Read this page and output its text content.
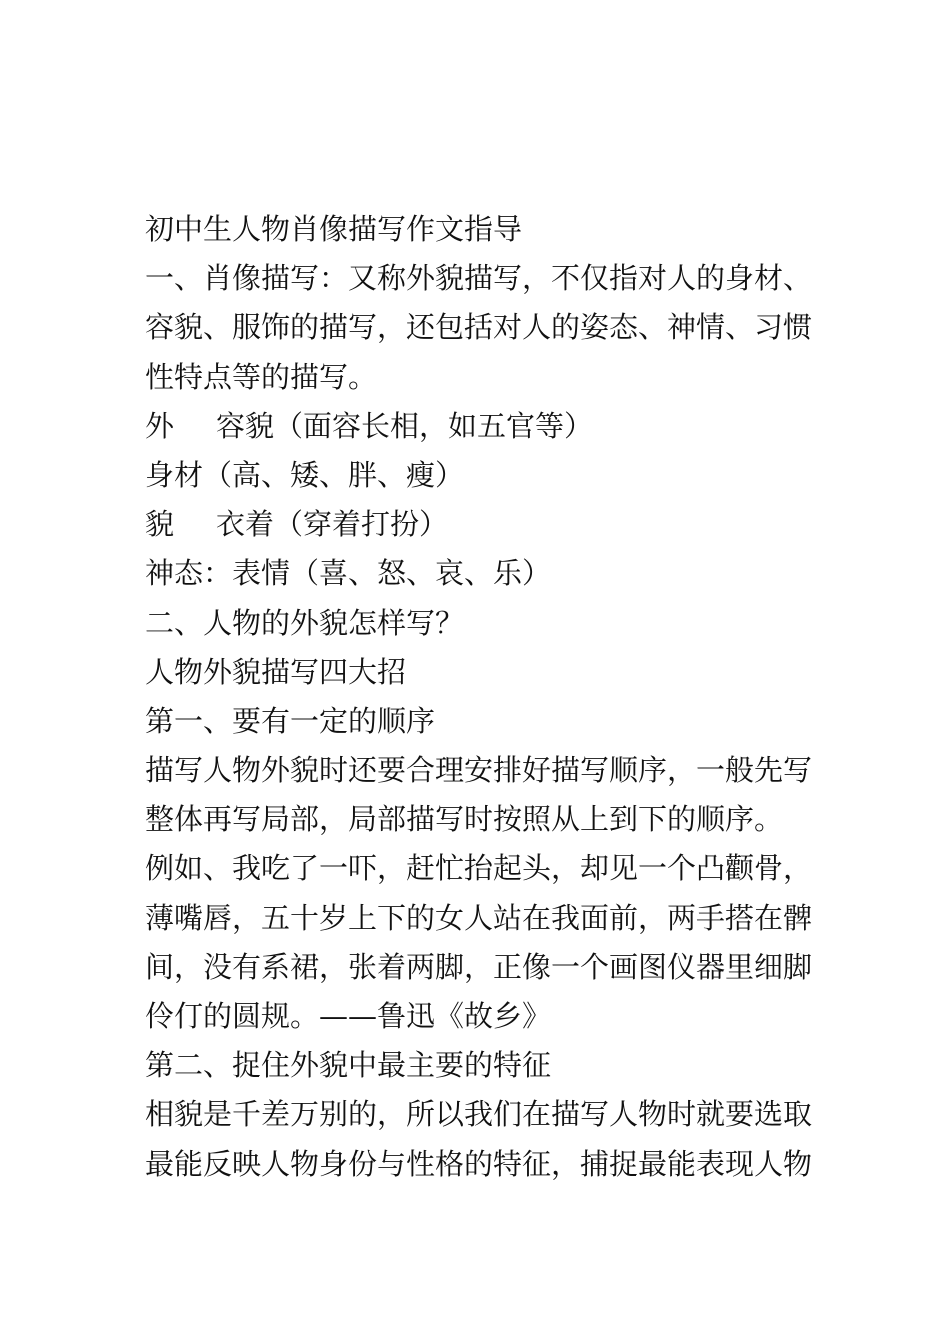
初中生人物肖像描写作文指导
一、肖像描写：又称外貌描写，不仅指对人的身材、
容貌、服饰的描写，还包括对人的姿态、神情、习惯
性特点等的描写。
外 容貌（面容长相，如五官等）
身材（高、矮、胖、瘦）
貌 衣着（穿着打扮）
神态：表情（喜、怒、哀、乐）
二、人物的外貌怎样写？
人物外貌描写四大招
第一、要有一定的顺序
描写人物外貌时还要合理安排好描写顺序，一般先写
整体再写局部，局部描写时按照从上到下的顺序。
例如、我吃了一吓，赶忙抬起头，却见一个凸颧骨，
薄嘴唇，五十岁上下的女人站在我面前，两手搭在髀
间，没有系裙，张着两脚，正像一个画图仪器里细脚
伶仃的圆规。——鲁迅《故乡》
第二、捉住外貌中最主要的特征
相貌是千差万别的，所以我们在描写人物时就要选取
最能反映人物身份与性格的特征，捕捉最能表现人物
